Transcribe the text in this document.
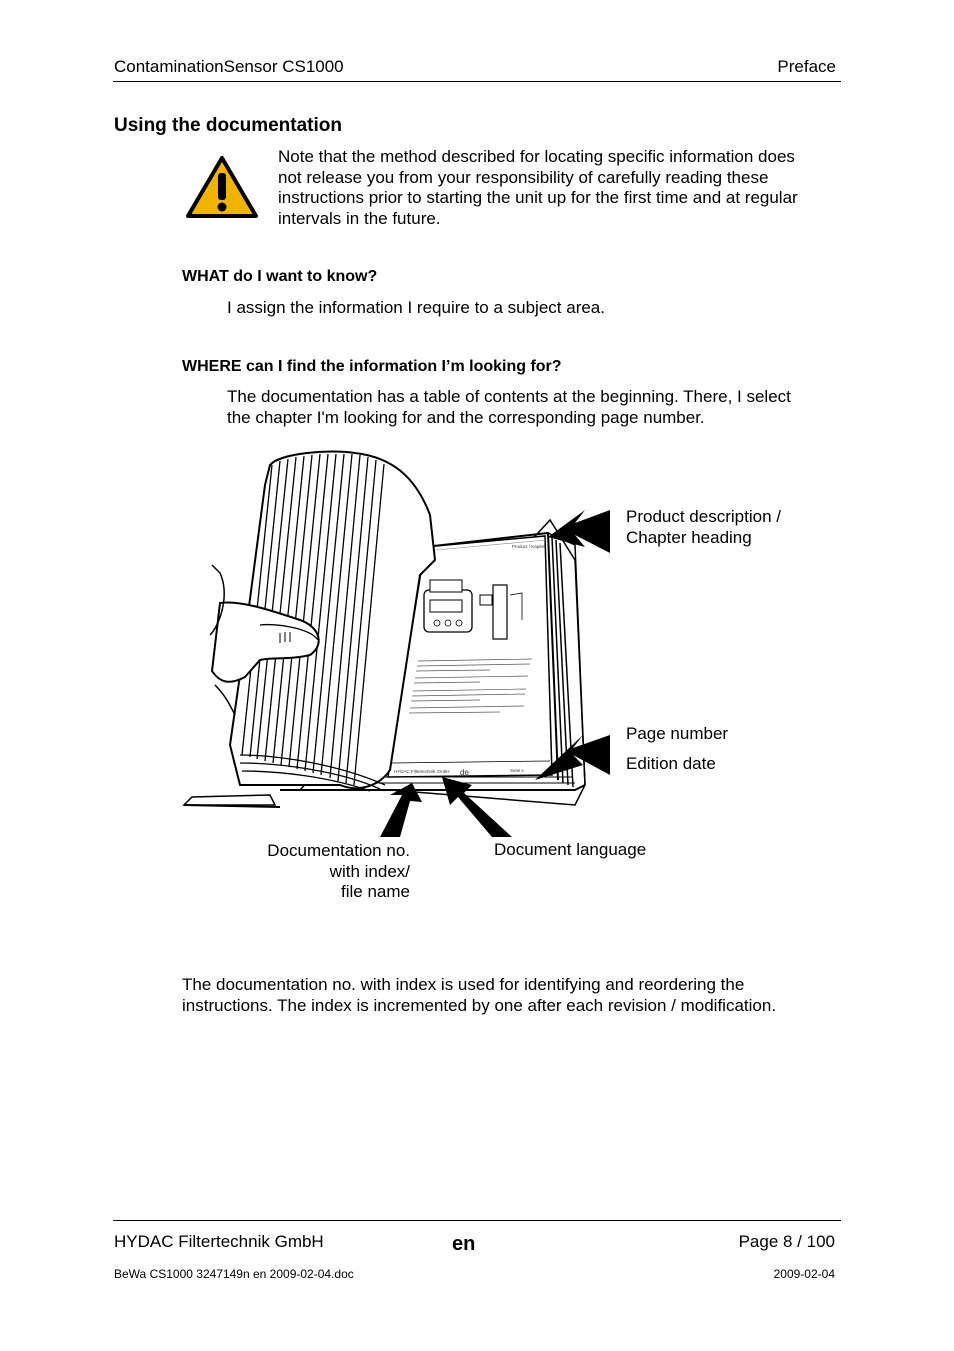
ContaminationSensor CS1000	Preface
Using the documentation
Note that the method described for locating specific information does
not release you from your responsibility of carefully reading these
instructions prior to starting the unit up for the first time and at regular
intervals in the future.
WHAT do I want to know?
I assign the information I require to a subject area.
WHERE can I find the information I’m looking for?
The documentation has a table of contents at the beginning. There, I select
the chapter I'm looking for and the corresponding page number.
Product / Kapitel
HYDAC Filtertechnik GmbH de	Seite x
Product description /
Chapter heading
Page number
Edition date
Documentation no.
with index/
file name
Document language
The documentation no. with index is used for identifying and reordering the
instructions. The index is incremented by one after each revision / modification.
HYDAC Filtertechnik GmbH	en	Page 8 / 100
BeWa CS1000 3247149n en 2009-02-04.doc	2009-02-04
